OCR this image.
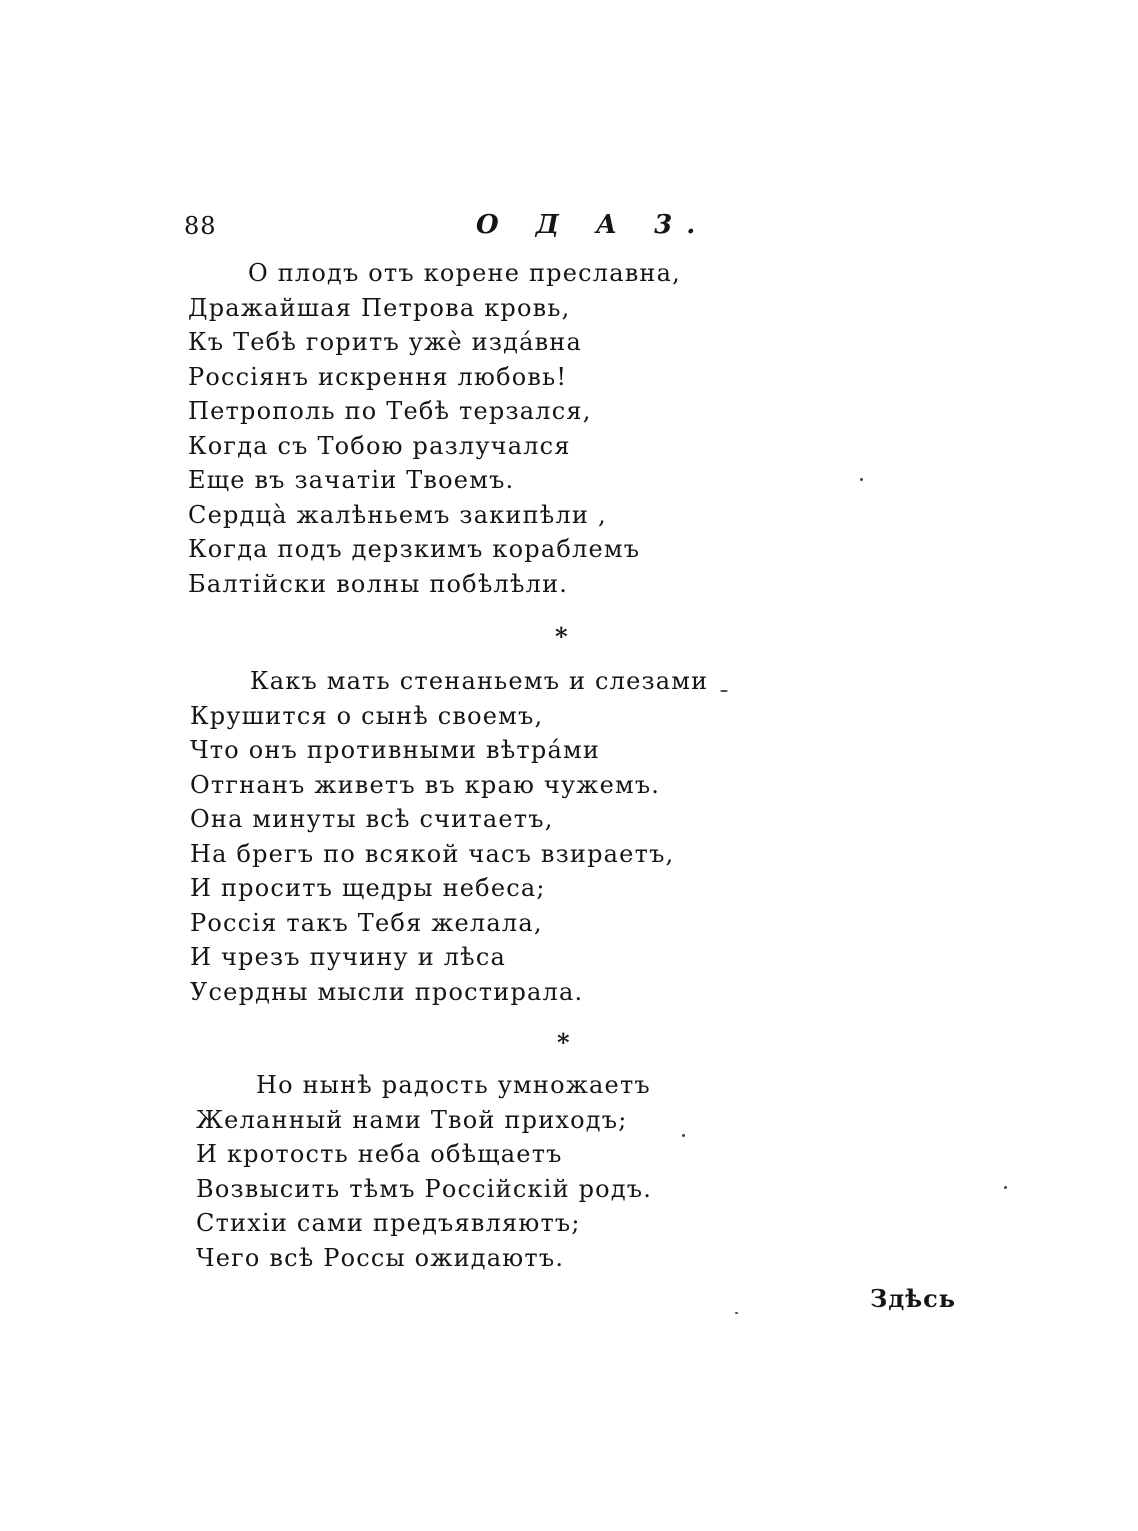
88	О Д А 3.
О плодъ отъ корене преславна,
Дражайшая Петрова кровь,
Къ Тебѣ горитъ ужѐ издáвна
Россiянъ искрення любовь!
Петрополь по Тебѣ терзался,
Когда съ Тобою разлучался
Еще въ зачатiи Твоемъ.
Сердцà жалѣньемъ закипѣли ,
Когда подъ дерзкимъ кораблемъ
Балтiйски волны побѣлѣли.
*
Какъ мать стенаньемъ и слезами
Крушится о сынѣ своемъ,
Что онъ противными вѣтрáми
Отгнанъ живетъ въ краю чужемъ.
Она минуты всѣ считаетъ,
На брегъ по всякой часъ взираетъ,
И проситъ щедры небеса;
Россiя такъ Тебя желала,
И чрезъ пучину и лѣса
Усердны мысли простирала.
*
Но нынѣ радость умножаетъ
Желанный нами Твой приходъ;
И кротость неба обѣщаетъ
Возвысить тѣмъ Россiйскiй родъ.
Стихiи сами предъявляютъ;
Чего всѣ Россы ожидаютъ.
Здѣсь
